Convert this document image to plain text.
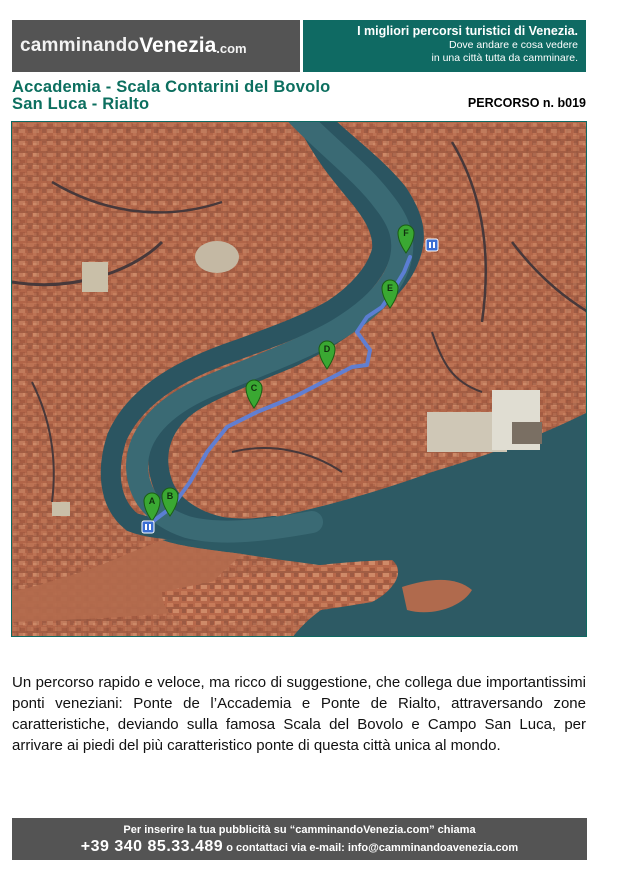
camminando Venezia .com
I migliori percorsi turistici di Venezia.
Dove andare e cosa vedere
in una città tutta da camminare.
Accademia - Scala Contarini del Bovolo
San Luca - Rialto	PERCORSO n. b019
A B
C
D
E
F

Un percorso rapido e veloce, ma ricco di suggestione, che collega due importantissimi ponti veneziani: Ponte de l’Accademia e Ponte de Rialto, attraversando zone caratteristiche, deviando sulla famosa Scala del Bovolo e Campo San Luca, per arrivare ai piedi del più caratteristico ponte di questa città unica al mondo.

Per inserire la tua pubblicità su “camminandoVenezia.com” chiama
+39 340 85.33.489 o contattaci via e-mail: info@camminandoavenezia.com
